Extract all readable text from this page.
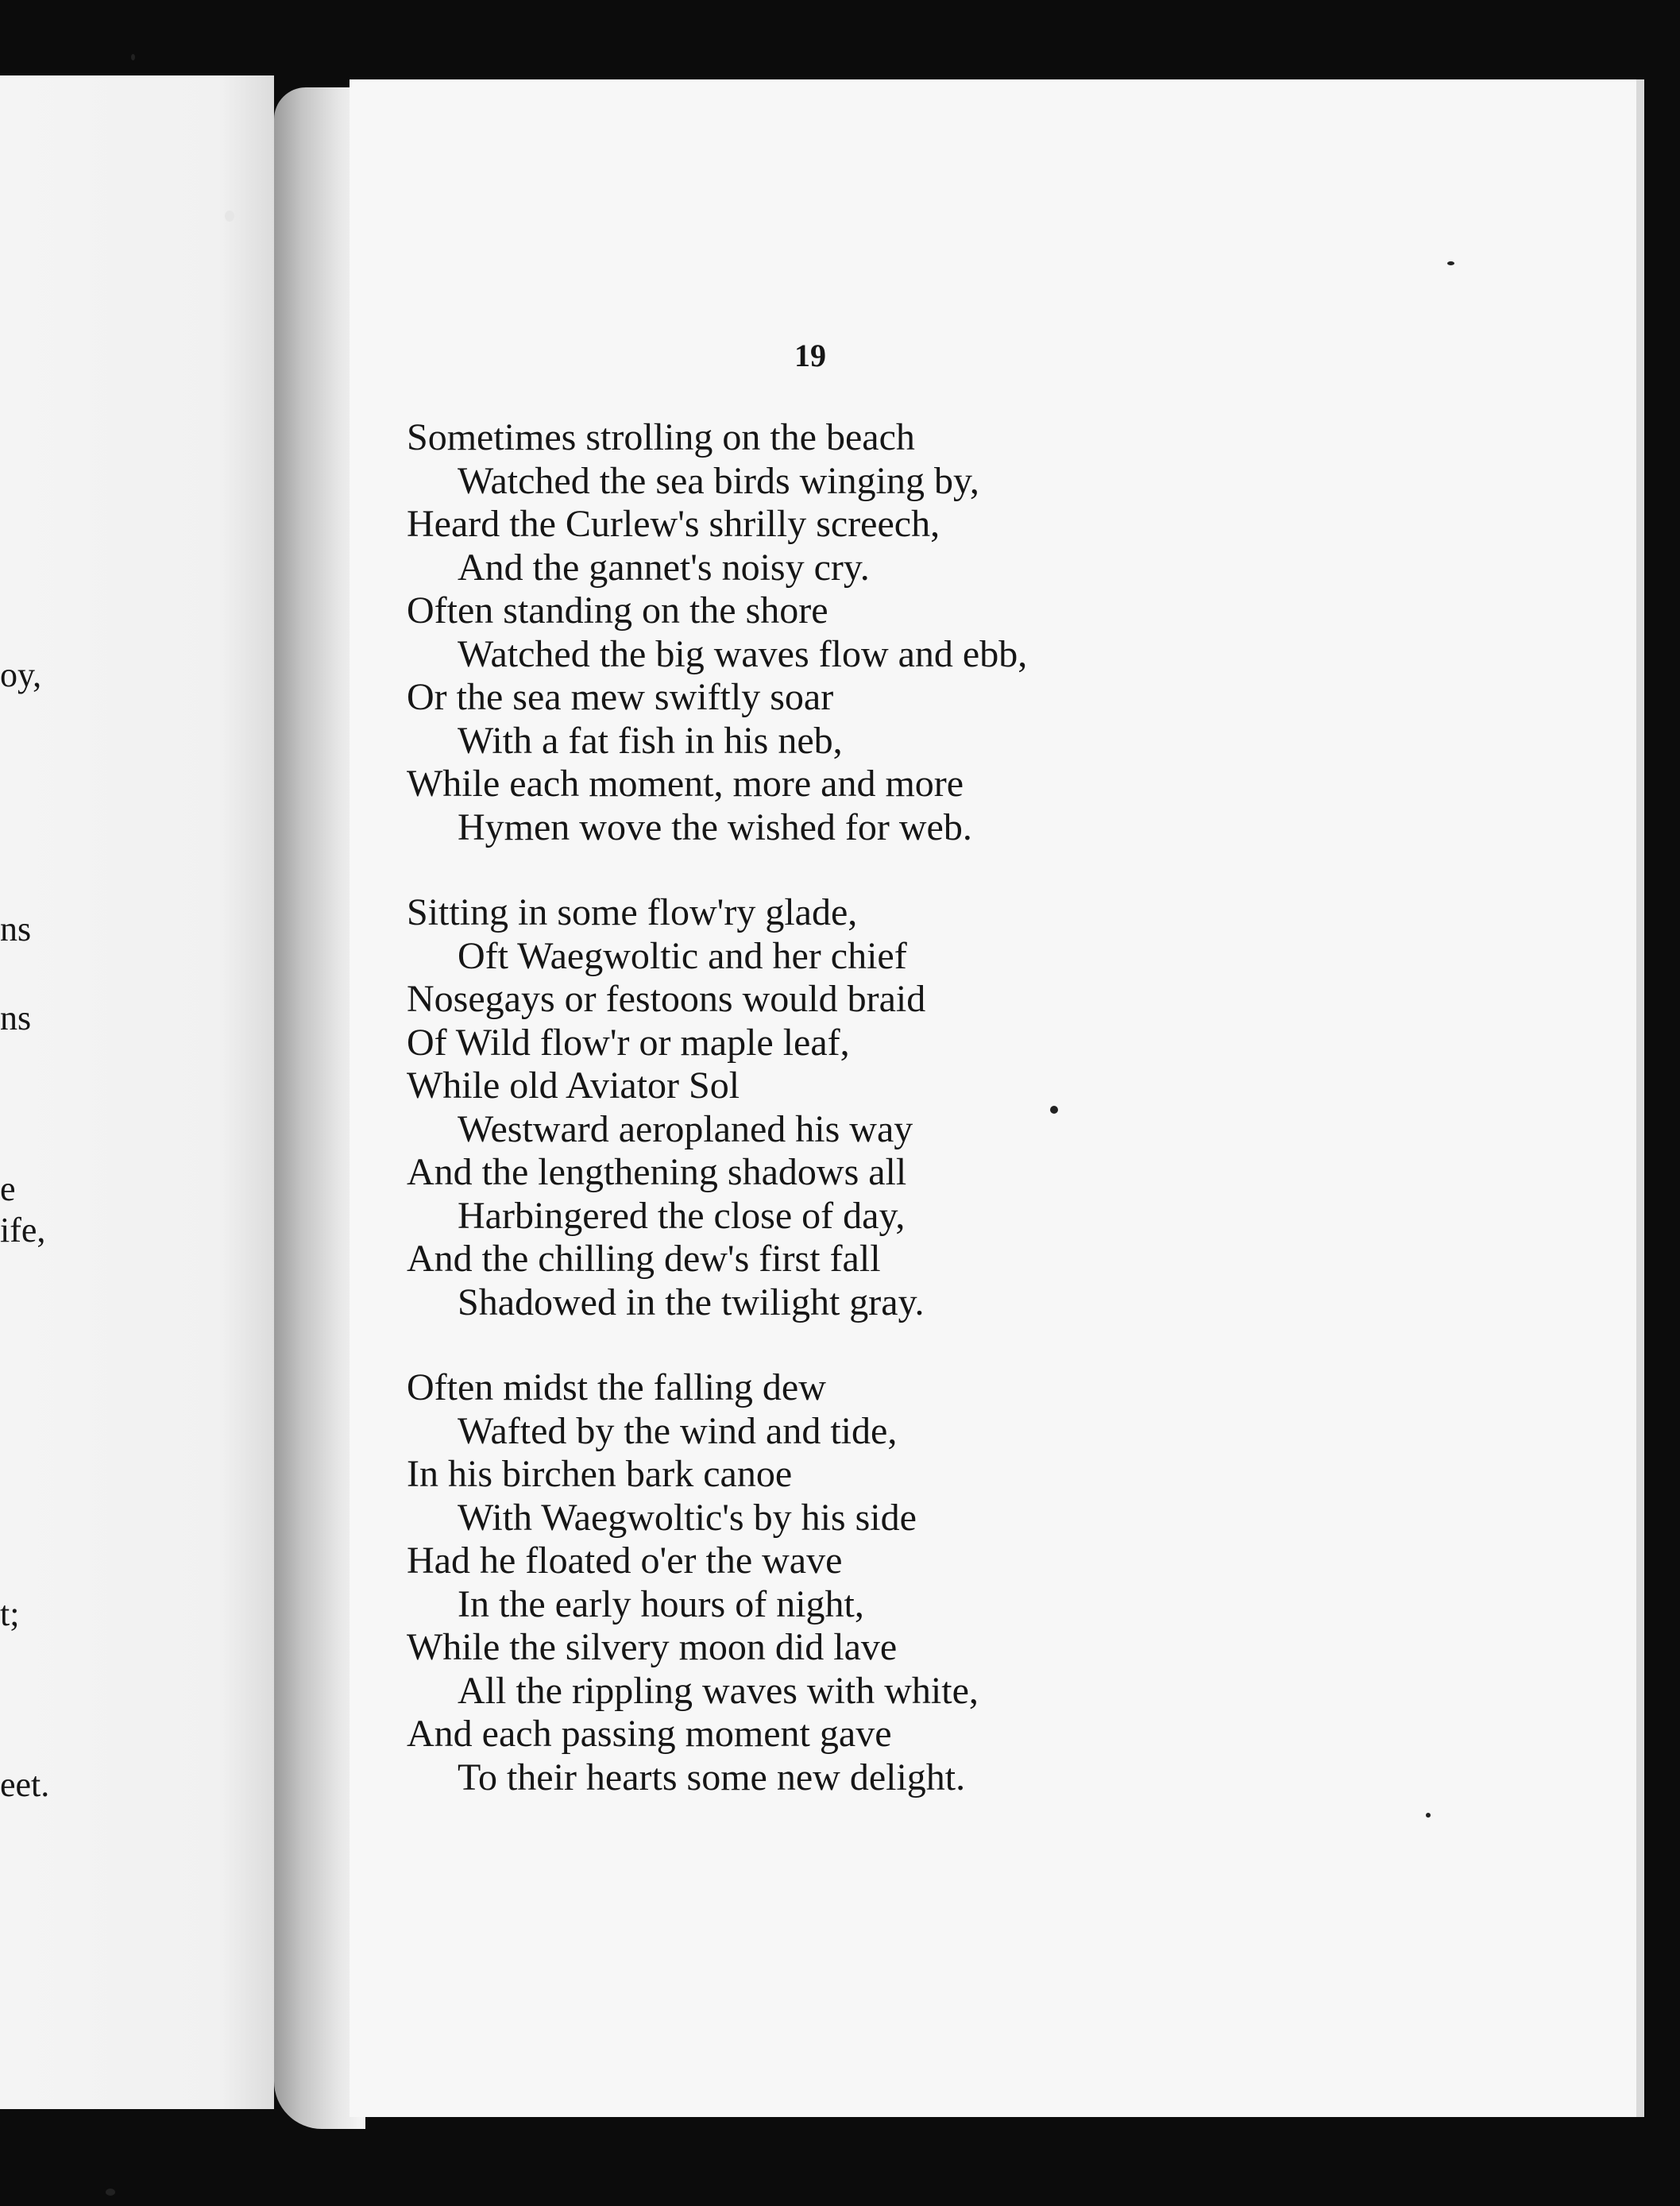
oy,
ns
ns
e
ife,
t;
eet.
19
Sometimes strolling on the beach
Watched the sea birds winging by,
Heard the Curlew's shrilly screech,
And the gannet's noisy cry.
Often standing on the shore
Watched the big waves flow and ebb,
Or the sea mew swiftly soar
With a fat fish in his neb,
While each moment, more and more
Hymen wove the wished for web.
Sitting in some flow'ry glade,
Oft Waegwoltic and her chief
Nosegays or festoons would braid
Of Wild flow'r or maple leaf,
While old Aviator Sol
Westward aeroplaned his way
And the lengthening shadows all
Harbingered the close of day,
And the chilling dew's first fall
Shadowed in the twilight gray.
Often midst the falling dew
Wafted by the wind and tide,
In his birchen bark canoe
With Waegwoltic's by his side
Had he floated o'er the wave
In the early hours of night,
While the silvery moon did lave
All the rippling waves with white,
And each passing moment gave
To their hearts some new delight.
